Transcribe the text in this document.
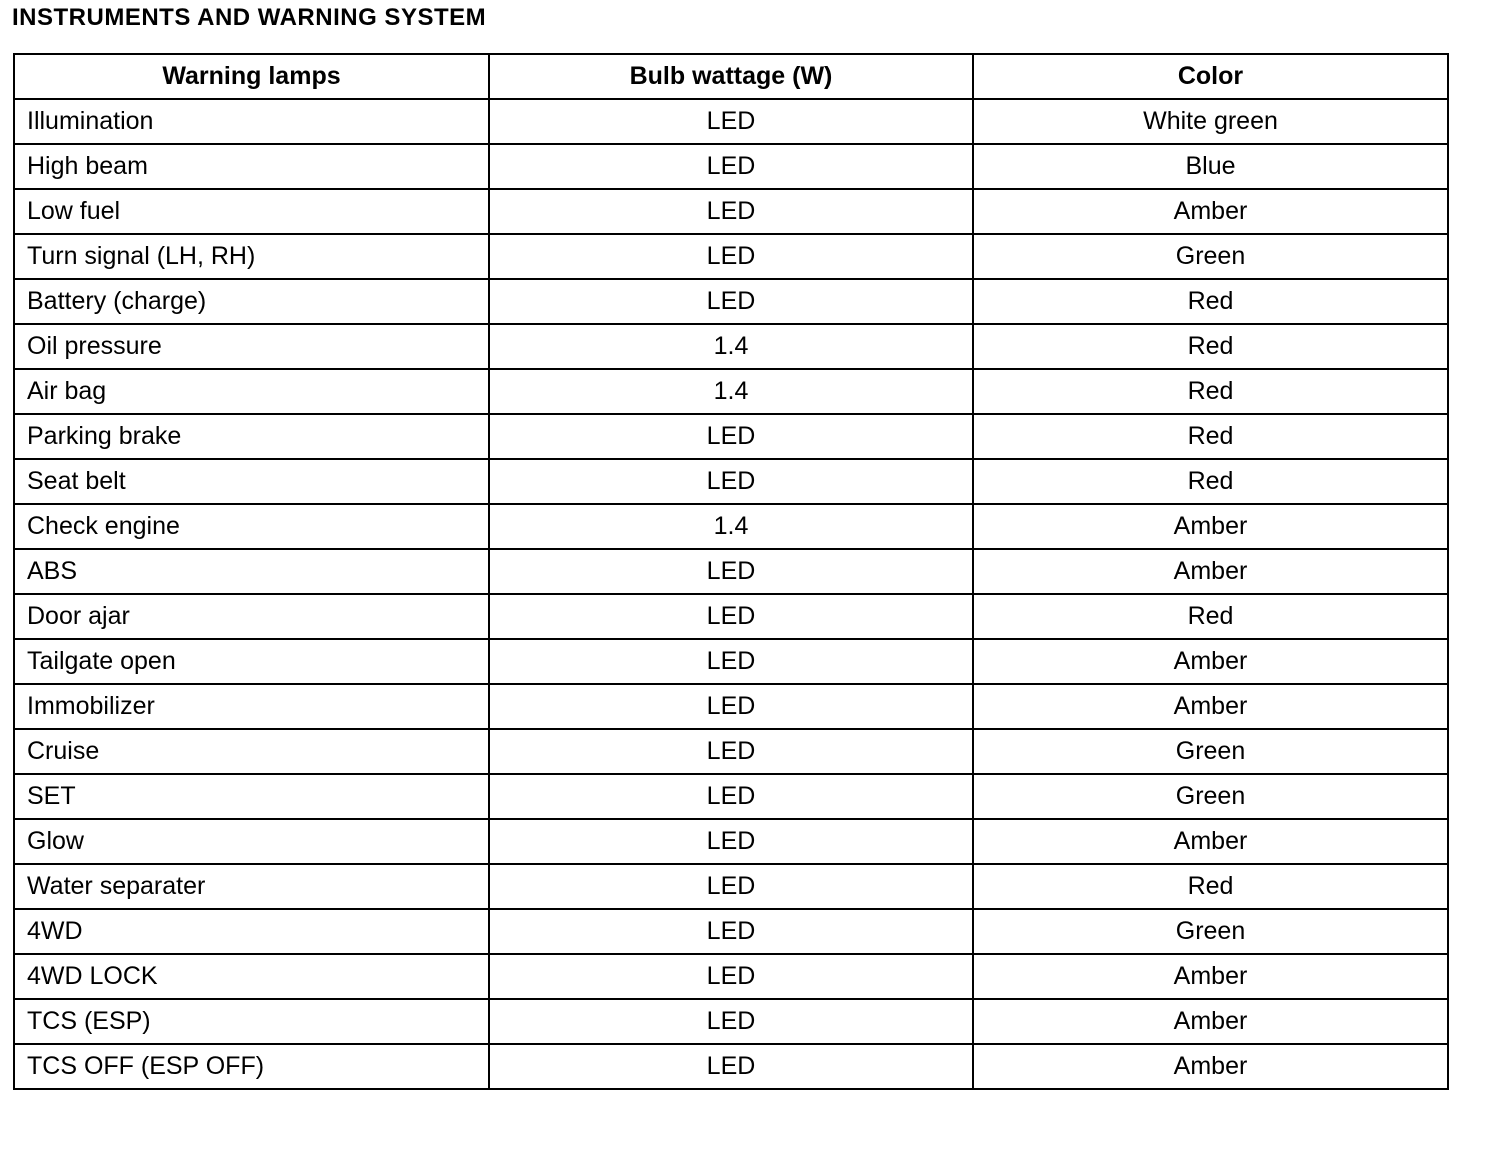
INSTRUMENTS AND WARNING SYSTEM
Warning lamps	Bulb wattage (W)	Color
Illumination	LED	White green
High beam	LED	Blue
Low fuel	LED	Amber
Turn signal (LH, RH)	LED	Green
Battery (charge)	LED	Red
Oil pressure	1.4	Red
Air bag	1.4	Red
Parking brake	LED	Red
Seat belt	LED	Red
Check engine	1.4	Amber
ABS	LED	Amber
Door ajar	LED	Red
Tailgate open	LED	Amber
Immobilizer	LED	Amber
Cruise	LED	Green
SET	LED	Green
Glow	LED	Amber
Water separater	LED	Red
4WD	LED	Green
4WD LOCK	LED	Amber
TCS (ESP)	LED	Amber
TCS OFF (ESP OFF)	LED	Amber
